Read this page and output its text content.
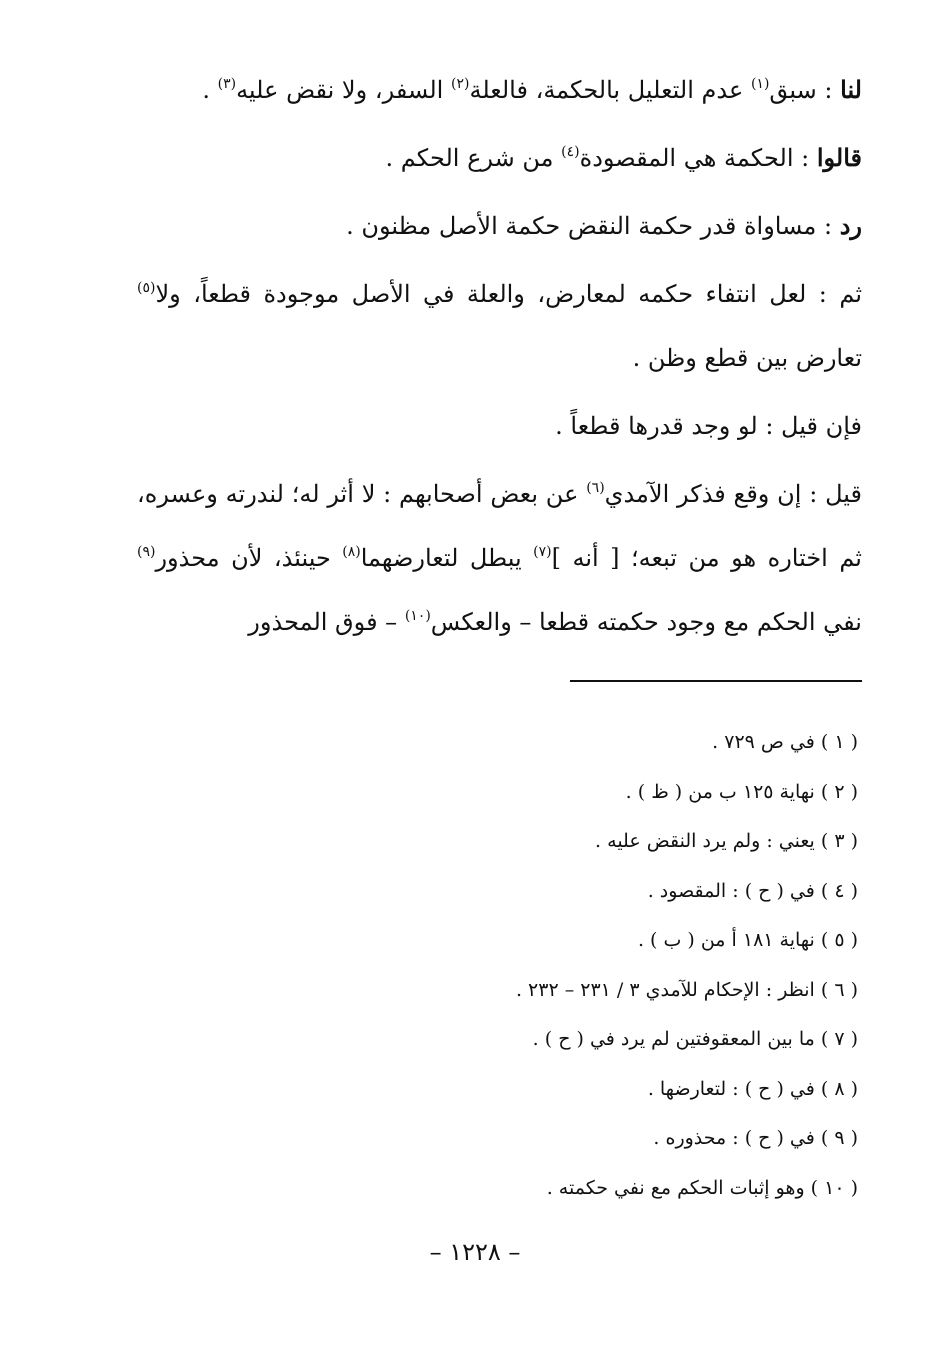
لنا : سبق$^{(١)}$ عدم التعليل بالحكمة، فالعلة$^{(٢)}$ السفر، ولا نقض عليه$^{(٣)}$ .

قالوا : الحكمة هي المقصودة$^{(٤)}$ من شرع الحكم .

رد : مساواة قدر حكمة النقض حكمة الأصل مظنون .

ثم : لعل انتفاء حكمه لمعارض، والعلة في الأصل موجودة قطعاً، ولا$^{(٥)}$ تعارض بين قطع وظن .

فإن قيل : لو وجد قدرها قطعاً .

قيل : إن وقع فذكر الآمدي$^{(٦)}$ عن بعض أصحابهم : لا أثر له؛ لندرته وعسره، ثم اختاره هو من تبعه؛ [ أنه ]$^{(٧)}$ يبطل لتعارضهما$^{(٨)}$ حينئذ، لأن محذور$^{(٩)}$ نفي الحكم مع وجود حكمته قطعا – والعكس$^{(١٠)}$ – فوق المحذور

( ١ ) في ص ٧٢٩ .
( ٢ ) نهاية ١٢٥ ب من ( ظ ) .
( ٣ ) يعني : ولم يرد النقض عليه .
( ٤ ) في ( ح ) : المقصود .
( ٥ ) نهاية ١٨١ أ من ( ب ) .
( ٦ ) انظر : الإحكام للآمدي ٣ / ٢٣١ – ٢٣٢ .
( ٧ ) ما بين المعقوفتين لم يرد في ( ح ) .
( ٨ ) في ( ح ) : لتعارضها .
( ٩ ) في ( ح ) : محذوره .
( ١٠ ) وهو إثبات الحكم مع نفي حكمته .
– ١٢٢٨ –
